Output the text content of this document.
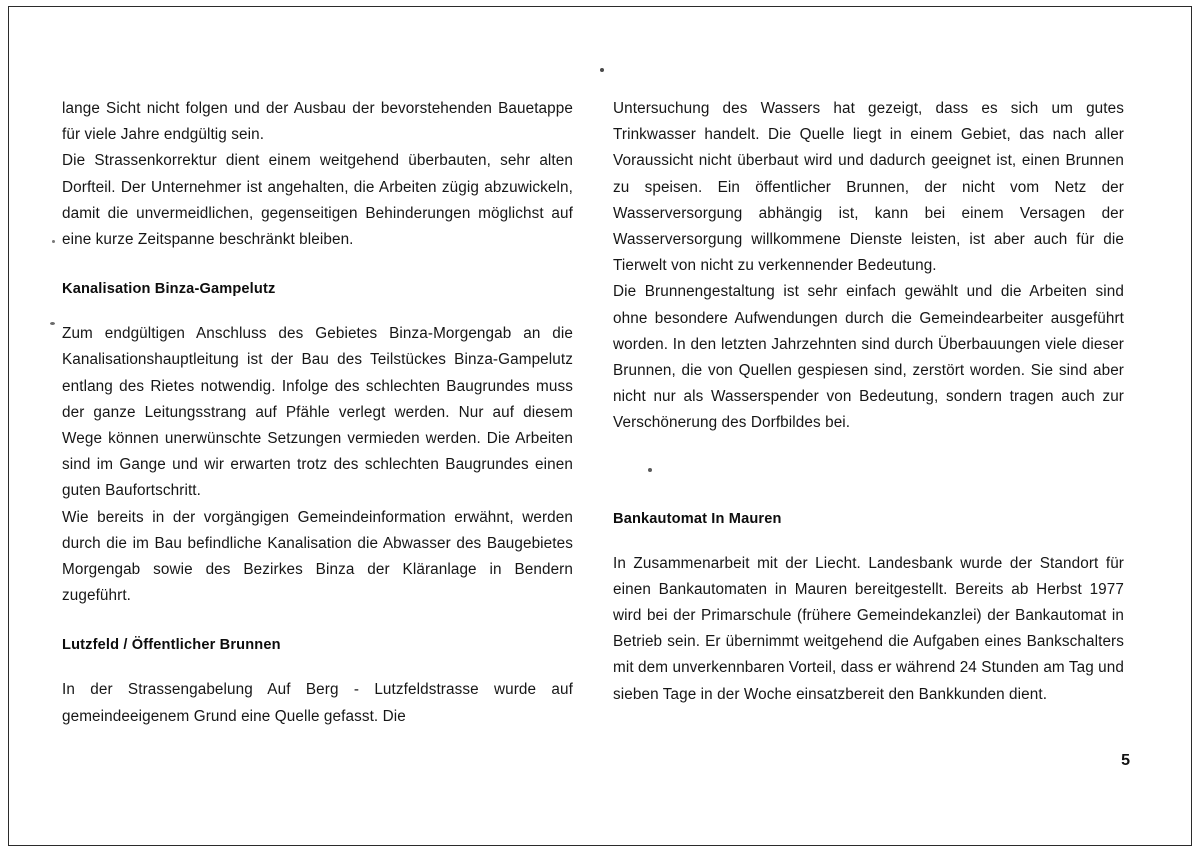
lange Sicht nicht folgen und der Ausbau der bevorstehenden Bauetappe für viele Jahre endgültig sein.

Die Strassenkorrektur dient einem weitgehend überbauten, sehr alten Dorfteil. Der Unternehmer ist angehalten, die Arbeiten zügig abzuwickeln, damit die unvermeidlichen, gegenseitigen Behinderungen möglichst auf eine kurze Zeitspanne beschränkt bleiben.

Kanalisation Binza-Gampelutz

Zum endgültigen Anschluss des Gebietes Binza-Morgengab an die Kanalisationshauptleitung ist der Bau des Teilstückes Binza-Gampelutz entlang des Rietes notwendig. Infolge des schlechten Baugrundes muss der ganze Leitungsstrang auf Pfähle verlegt werden. Nur auf diesem Wege können unerwünschte Setzungen vermieden werden. Die Arbeiten sind im Gange und wir erwarten trotz des schlechten Baugrundes einen guten Baufortschritt.

Wie bereits in der vorgängigen Gemeindeinformation erwähnt, werden durch die im Bau befindliche Kanalisation die Abwasser des Baugebietes Morgengab sowie des Bezirkes Binza der Kläranlage in Bendern zugeführt.

Lutzfeld / Öffentlicher Brunnen

In der Strassengabelung Auf Berg - Lutzfeldstrasse wurde auf gemeindeeigenem Grund eine Quelle gefasst. Die

Untersuchung des Wassers hat gezeigt, dass es sich um gutes Trinkwasser handelt. Die Quelle liegt in einem Gebiet, das nach aller Voraussicht nicht überbaut wird und dadurch geeignet ist, einen Brunnen zu speisen. Ein öffentlicher Brunnen, der nicht vom Netz der Wasserversorgung abhängig ist, kann bei einem Versagen der Wasserversorgung willkommene Dienste leisten, ist aber auch für die Tierwelt von nicht zu verkennender Bedeutung.

Die Brunnengestaltung ist sehr einfach gewählt und die Arbeiten sind ohne besondere Aufwendungen durch die Gemeindearbeiter ausgeführt worden. In den letzten Jahrzehnten sind durch Überbauungen viele dieser Brunnen, die von Quellen gespiesen sind, zerstört worden. Sie sind aber nicht nur als Wasserspender von Bedeutung, sondern tragen auch zur Verschönerung des Dorfbildes bei.

Bankautomat In Mauren

In Zusammenarbeit mit der Liecht. Landesbank wurde der Standort für einen Bankautomaten in Mauren bereitgestellt. Bereits ab Herbst 1977 wird bei der Primarschule (frühere Gemeindekanzlei) der Bankautomat in Betrieb sein. Er übernimmt weitgehend die Aufgaben eines Bankschalters mit dem unverkennbaren Vorteil, dass er während 24 Stunden am Tag und sieben Tage in der Woche einsatzbereit den Bankkunden dient.

5
